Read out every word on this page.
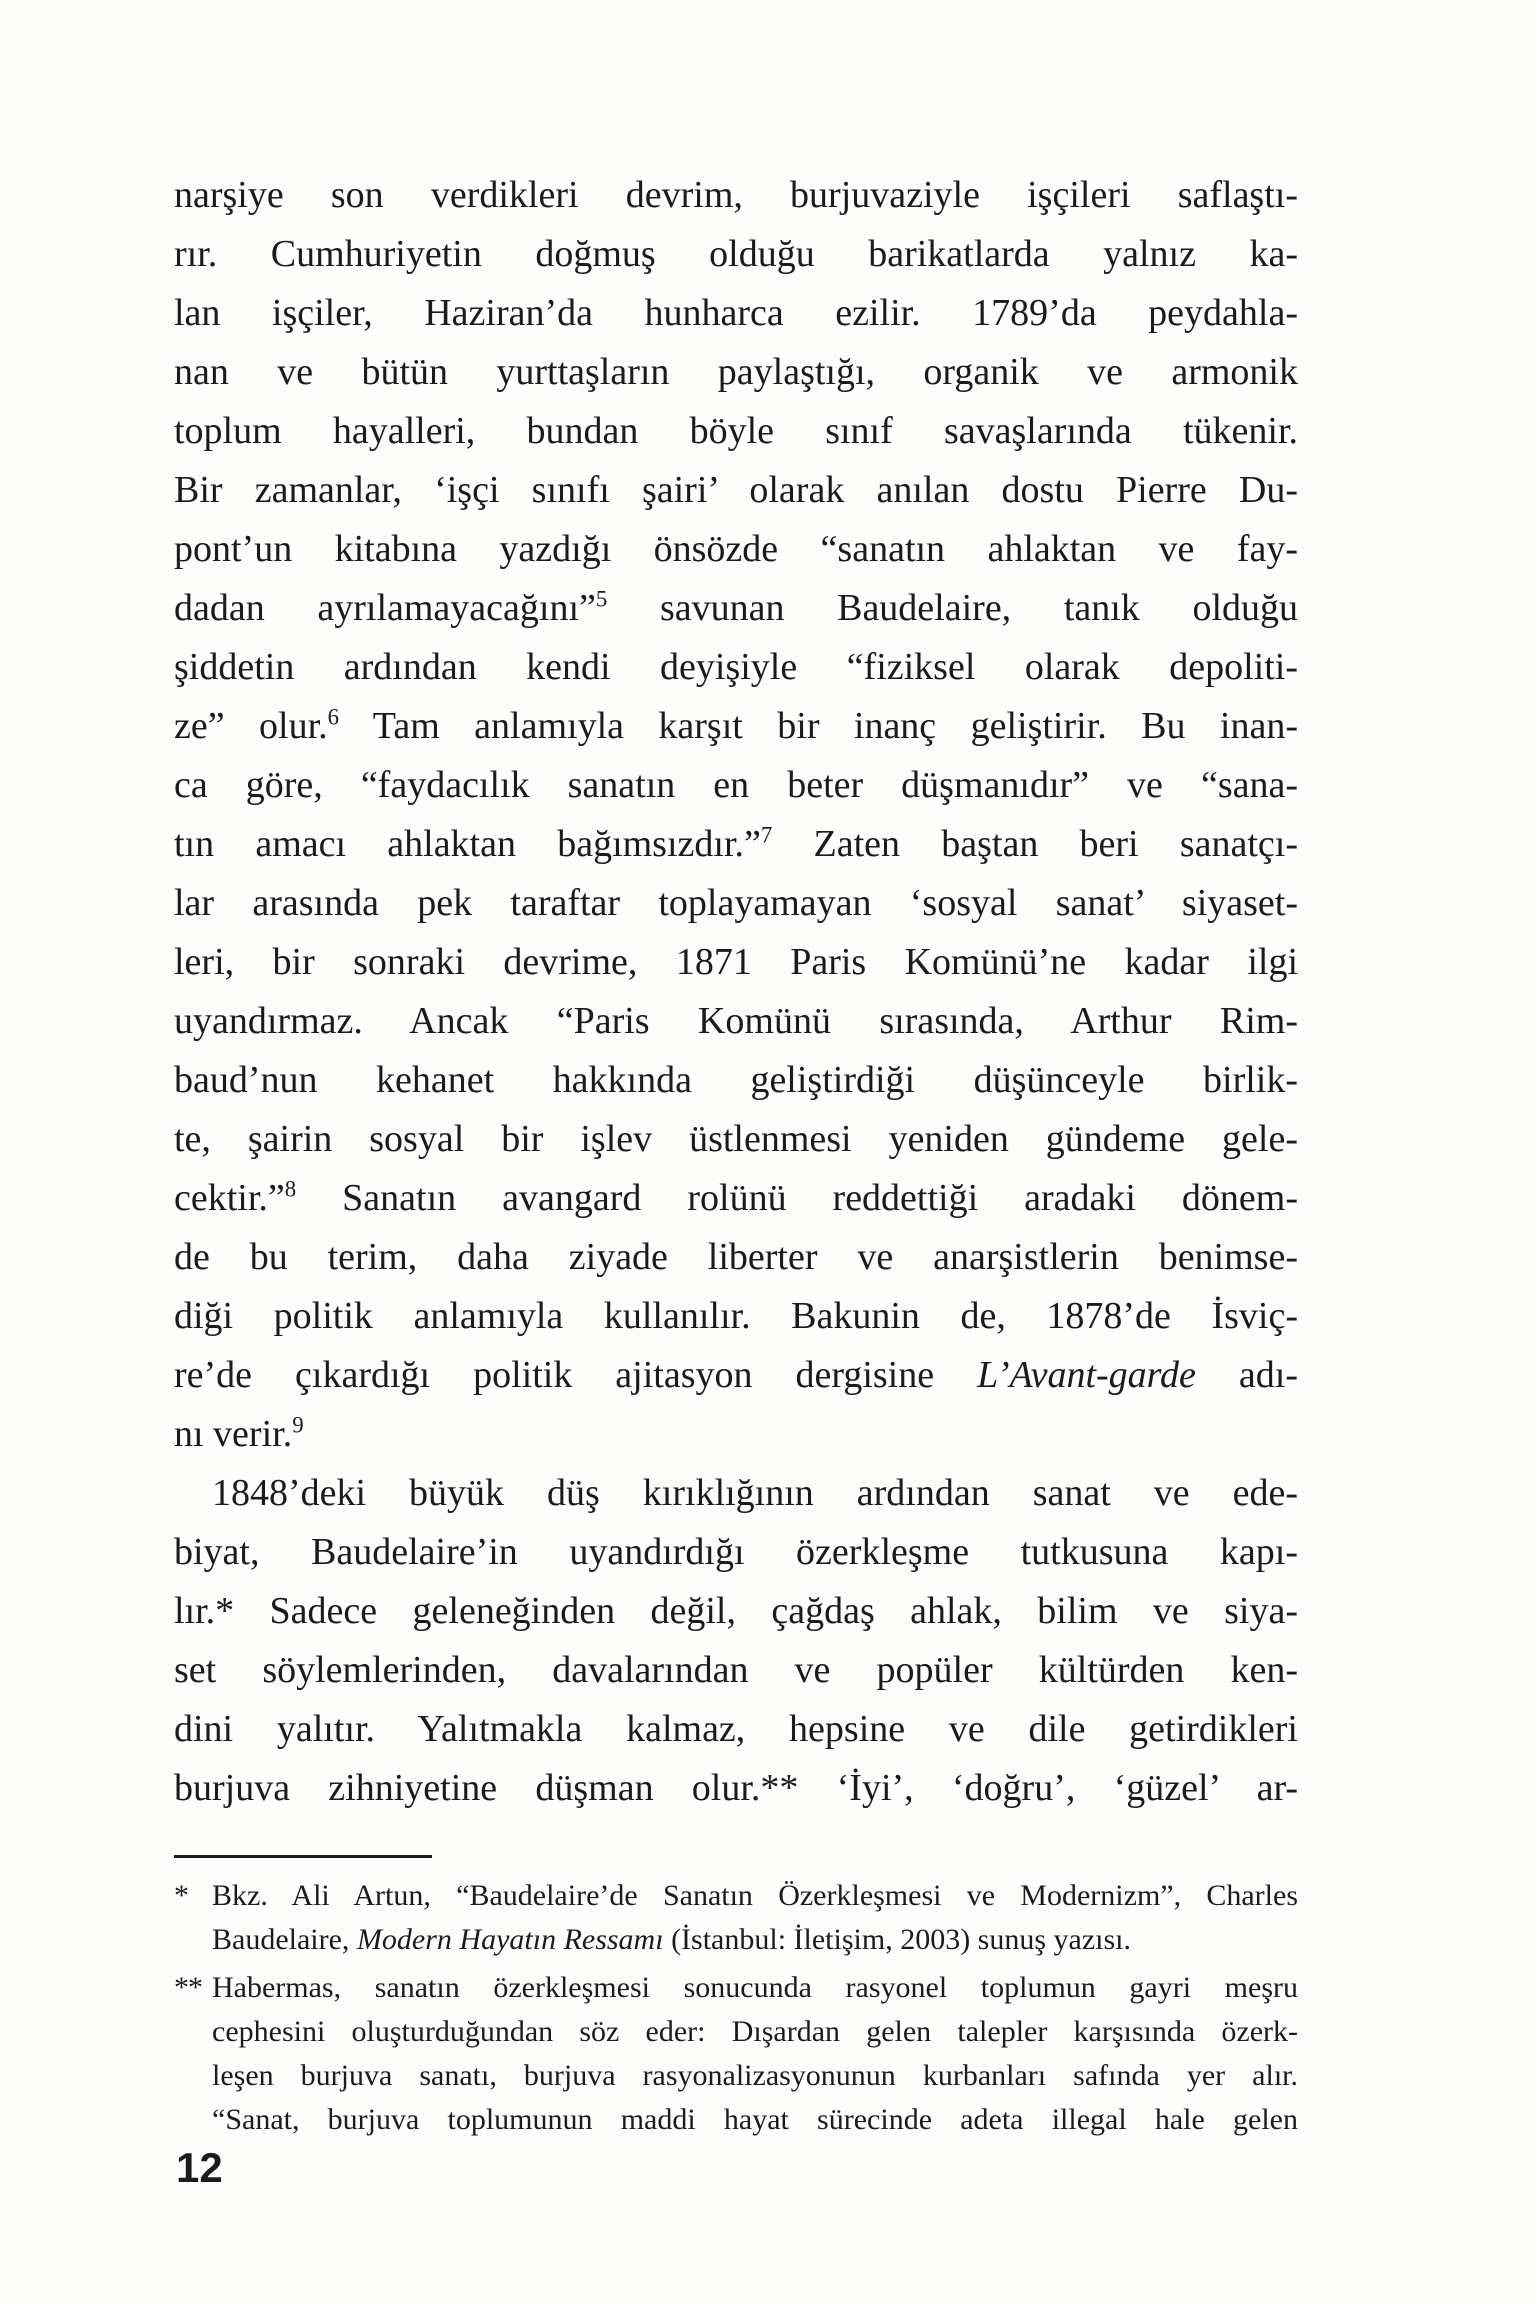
narşiye son verdikleri devrim, burjuvaziyle işçileri saflaştı-
rır. Cumhuriyetin doğmuş olduğu barikatlarda yalnız ka-
lan işçiler, Haziran’da hunharca ezilir. 1789’da peydahla-
nan ve bütün yurttaşların paylaştığı, organik ve armonik
toplum hayalleri, bundan böyle sınıf savaşlarında tükenir.
Bir zamanlar, ‘işçi sınıfı şairi’ olarak anılan dostu Pierre Du-
pont’un kitabına yazdığı önsözde “sanatın ahlaktan ve fay-
dadan ayrılamayacağını”$^5$ savunan Baudelaire, tanık olduğu
şiddetin ardından kendi deyişiyle “fiziksel olarak depoliti-
ze” olur.$^6$ Tam anlamıyla karşıt bir inanç geliştirir. Bu inan-
ca göre, “faydacılık sanatın en beter düşmanıdır” ve “sana-
tın amacı ahlaktan bağımsızdır.”$^7$ Zaten baştan beri sanatçı-
lar arasında pek taraftar toplayamayan ‘sosyal sanat’ siyaset-
leri, bir sonraki devrime, 1871 Paris Komünü’ne kadar ilgi
uyandırmaz. Ancak “Paris Komünü sırasında, Arthur Rim-
baud’nun kehanet hakkında geliştirdiği düşünceyle birlik-
te, şairin sosyal bir işlev üstlenmesi yeniden gündeme gele-
cektir.”$^8$ Sanatın avangard rolünü reddettiği aradaki dönem-
de bu terim, daha ziyade liberter ve anarşistlerin benimse-
diği politik anlamıyla kullanılır. Bakunin de, 1878’de İsviç-
re’de çıkardığı politik ajitasyon dergisine L’Avant-garde adı-
nı verir.$^9$
1848’deki büyük düş kırıklığının ardından sanat ve ede-
biyat, Baudelaire’in uyandırdığı özerkleşme tutkusuna kapı-
lır.* Sadece geleneğinden değil, çağdaş ahlak, bilim ve siya-
set söylemlerinden, davalarından ve popüler kültürden ken-
dini yalıtır. Yalıtmakla kalmaz, hepsine ve dile getirdikleri
burjuva zihniyetine düşman olur.** ‘İyi’, ‘doğru’, ‘güzel’ ar-
* Bkz. Ali Artun, “Baudelaire’de Sanatın Özerkleşmesi ve Modernizm”, Charles
Baudelaire, Modern Hayatın Ressamı (İstanbul: İletişim, 2003) sunuş yazısı.
** Habermas, sanatın özerkleşmesi sonucunda rasyonel toplumun gayri meşru
cephesini oluşturduğundan söz eder: Dışardan gelen talepler karşısında özerk-
leşen burjuva sanatı, burjuva rasyonalizasyonunun kurbanları safında yer alır.
“Sanat, burjuva toplumunun maddi hayat sürecinde adeta illegal hale gelen
12
